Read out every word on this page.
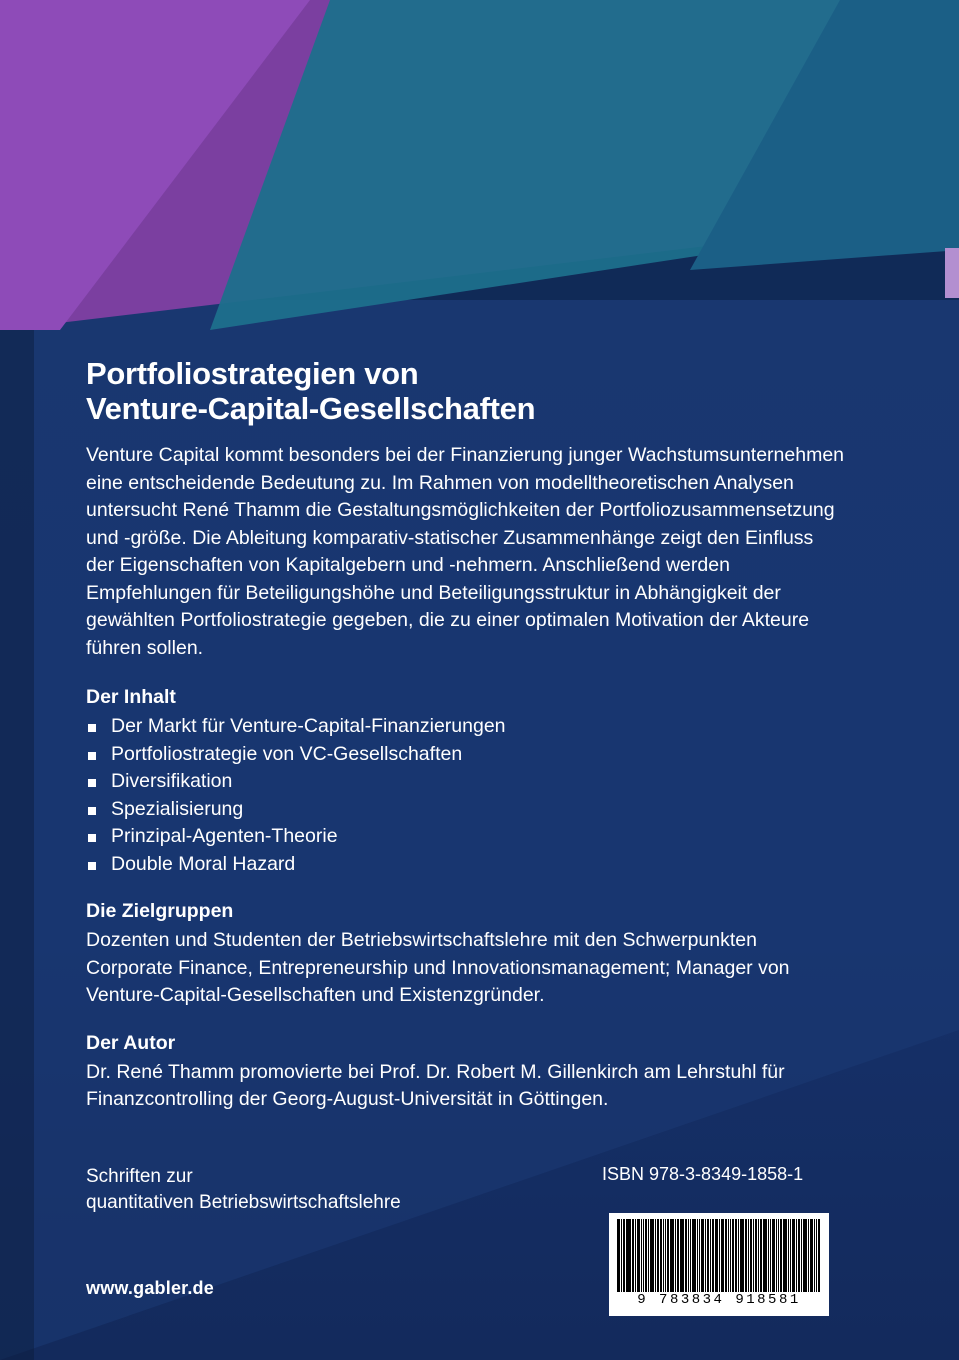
Portfoliostrategien von
Venture-Capital-Gesellschaften

Venture Capital kommt besonders bei der Finanzierung junger Wachstumsunternehmen eine entscheidende Bedeutung zu. Im Rahmen von modelltheoretischen Analysen untersucht René Thamm die Gestaltungsmöglichkeiten der Portfoliozusammensetzung und -größe. Die Ableitung komparativ-statischer Zusammenhänge zeigt den Einfluss der Eigenschaften von Kapitalgebern und -nehmern. Anschließend werden Empfehlungen für Beteiligungshöhe und Beteiligungsstruktur in Abhängigkeit der gewählten Portfoliostrategie gegeben, die zu einer optimalen Motivation der Akteure führen sollen.

Der Inhalt
Der Markt für Venture-Capital-Finanzierungen
Portfoliostrategie von VC-Gesellschaften
Diversifikation
Spezialisierung
Prinzipal-Agenten-Theorie
Double Moral Hazard
Die Zielgruppen

Dozenten und Studenten der Betriebswirtschaftslehre mit den Schwerpunkten Corporate Finance, Entrepreneurship und Innovationsmanagement; Manager von Venture-Capital-Gesellschaften und Existenzgründer.

Der Autor

Dr. René Thamm promovierte bei Prof. Dr. Robert M. Gillenkirch am Lehrstuhl für Finanzcontrolling der Georg-August-Universität in Göttingen.

Schriften zur
quantitativen Betriebswirtschaftslehre
www.gabler.de
ISBN 978-3-8349-1858-1
9 783834 918581
